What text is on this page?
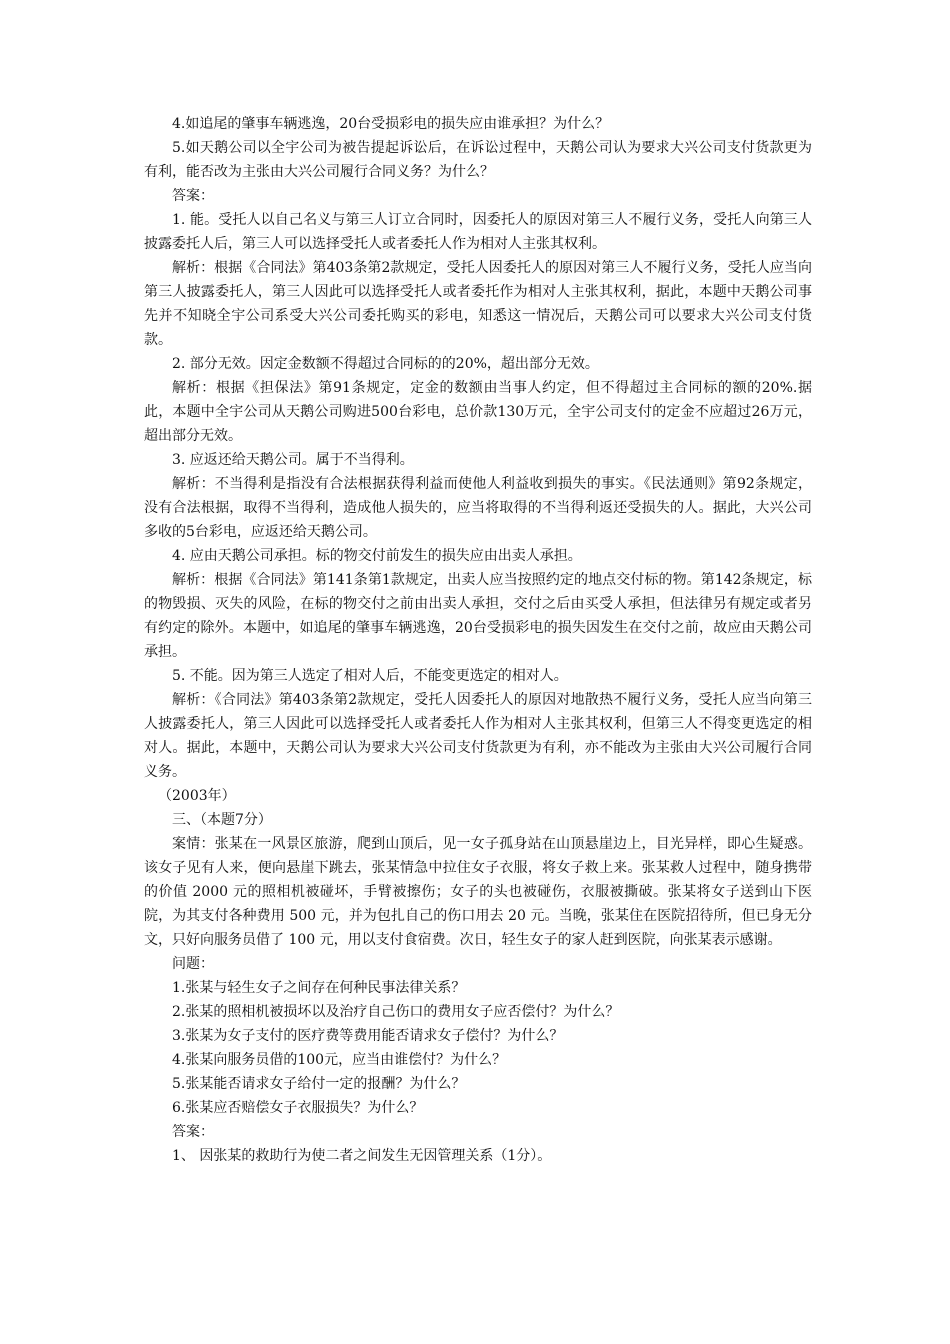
4.如追尾的肇事车辆逃逸，20台受损彩电的损失应由谁承担？为什么？

5.如天鹅公司以全宇公司为被告提起诉讼后，在诉讼过程中，天鹅公司认为要求大兴公司支付货款更为有利，能否改为主张由大兴公司履行合同义务？为什么？

答案：

1. 能。受托人以自己名义与第三人订立合同时，因委托人的原因对第三人不履行义务，受托人向第三人披露委托人后，第三人可以选择受托人或者委托人作为相对人主张其权利。

解析：根据《合同法》第403条第2款规定，受托人因委托人的原因对第三人不履行义务，受托人应当向第三人披露委托人，第三人因此可以选择受托人或者委托作为相对人主张其权利，据此，本题中天鹅公司事先并不知晓全宇公司系受大兴公司委托购买的彩电，知悉这一情况后，天鹅公司可以要求大兴公司支付货款。

2. 部分无效。因定金数额不得超过合同标的的20%，超出部分无效。

解析：根据《担保法》第91条规定，定金的数额由当事人约定，但不得超过主合同标的额的20%.据此，本题中全宇公司从天鹅公司购进500台彩电，总价款130万元，全宇公司支付的定金不应超过26万元，超出部分无效。

3. 应返还给天鹅公司。属于不当得利。

解析：不当得利是指没有合法根据获得利益而使他人利益收到损失的事实。《民法通则》第92条规定，没有合法根据，取得不当得利，造成他人损失的，应当将取得的不当得利返还受损失的人。据此，大兴公司多收的5台彩电，应返还给天鹅公司。

4. 应由天鹅公司承担。标的物交付前发生的损失应由出卖人承担。

解析：根据《合同法》第141条第1款规定，出卖人应当按照约定的地点交付标的物。第142条规定，标的物毁损、灭失的风险，在标的物交付之前由出卖人承担，交付之后由买受人承担，但法律另有规定或者另有约定的除外。本题中，如追尾的肇事车辆逃逸，20台受损彩电的损失因发生在交付之前，故应由天鹅公司承担。

5. 不能。因为第三人选定了相对人后，不能变更选定的相对人。

解析：《合同法》第403条第2款规定，受托人因委托人的原因对地散热不履行义务，受托人应当向第三人披露委托人，第三人因此可以选择受托人或者委托人作为相对人主张其权利，但第三人不得变更选定的相对人。据此，本题中，天鹅公司认为要求大兴公司支付货款更为有利，亦不能改为主张由大兴公司履行合同义务。

（2003年）

三、（本题7分）

案情：张某在一风景区旅游，爬到山顶后，见一女子孤身站在山顶悬崖边上，目光异样，即心生疑惑。该女子见有人来，便向悬崖下跳去，张某情急中拉住女子衣服，将女子救上来。张某救人过程中，随身携带的价值 2000 元的照相机被碰坏，手臂被擦伤；女子的头也被碰伤，衣服被撕破。张某将女子送到山下医院，为其支付各种费用 500 元，并为包扎自己的伤口用去 20 元。当晚，张某住在医院招待所，但已身无分文，只好向服务员借了 100 元，用以支付食宿费。次日，轻生女子的家人赶到医院，向张某表示感谢。

问题：

1.张某与轻生女子之间存在何种民事法律关系？

2.张某的照相机被损坏以及治疗自己伤口的费用女子应否偿付？为什么？

3.张某为女子支付的医疗费等费用能否请求女子偿付？为什么？

4.张某向服务员借的100元，应当由谁偿付？为什么？

5.张某能否请求女子给付一定的报酬？为什么？

6.张某应否赔偿女子衣服损失？为什么？

答案：

1、 因张某的救助行为使二者之间发生无因管理关系（1分）。
